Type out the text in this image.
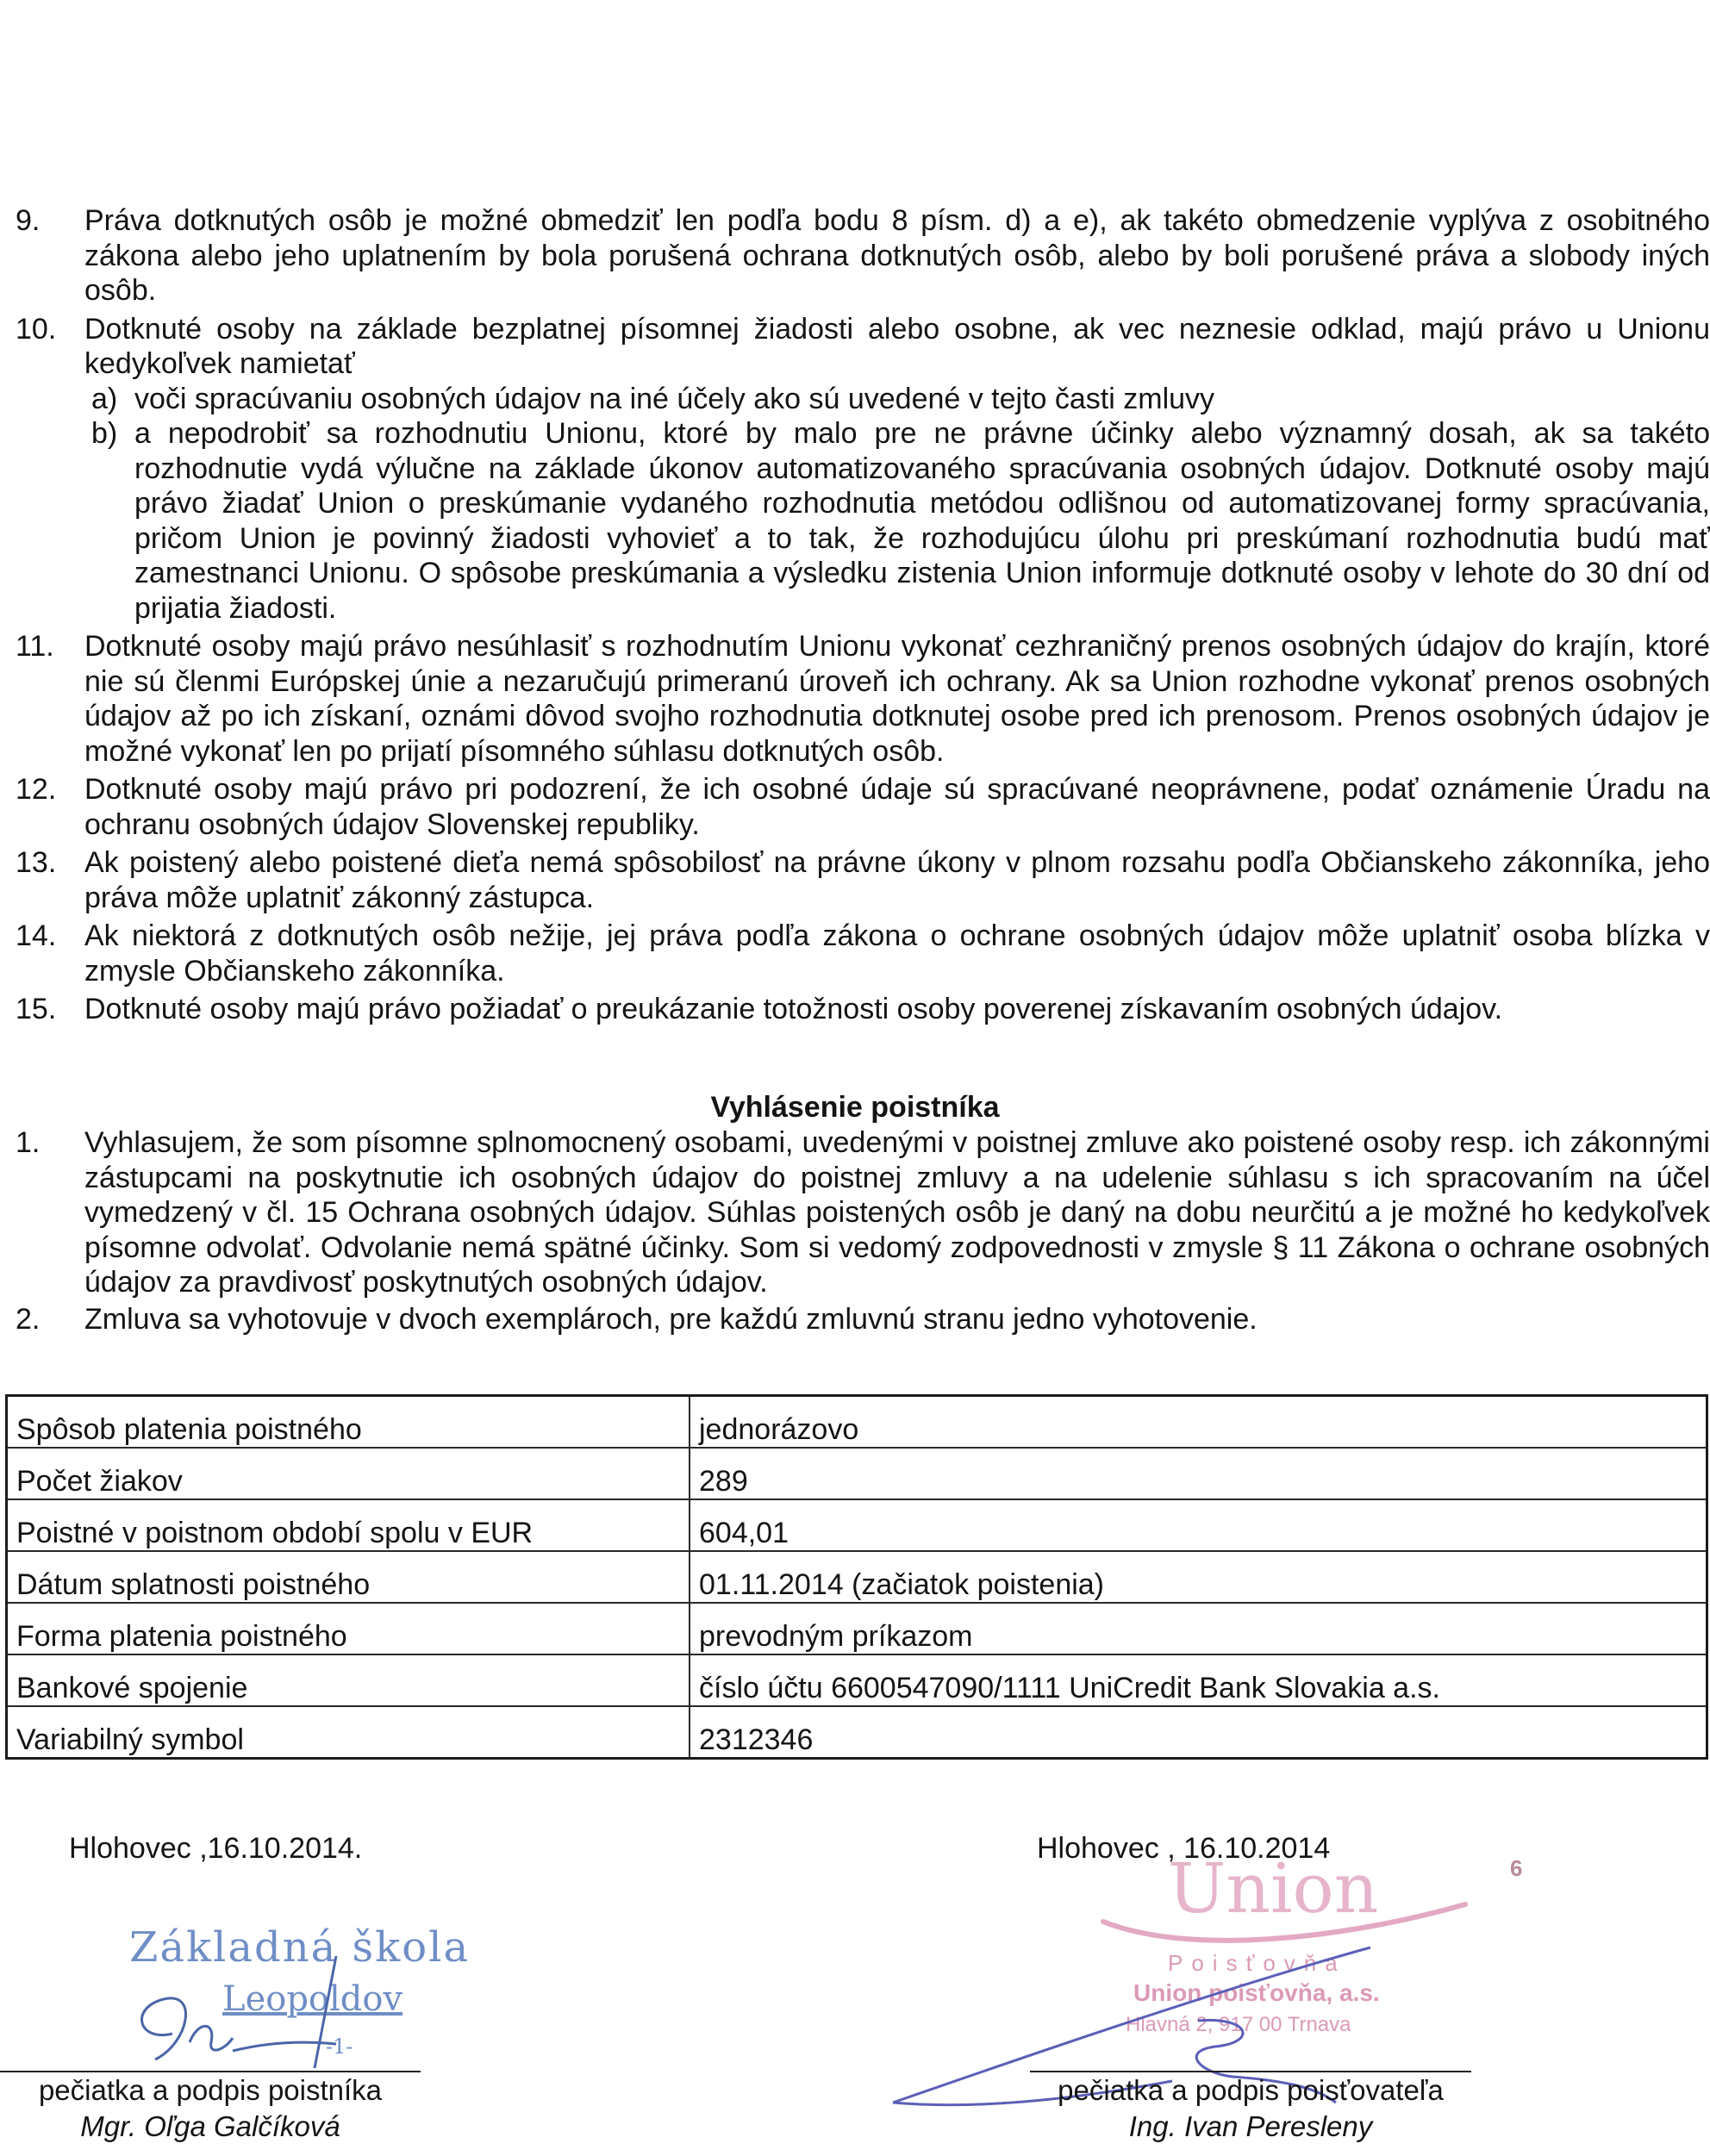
9.	Práva dotknutých osôb je možné obmedziť len podľa bodu 8 písm. d) a e), ak takéto obmedzenie vyplýva z osobitného zákona alebo jeho uplatnením by bola porušená ochrana dotknutých osôb, alebo by boli porušené práva a slobody iných osôb.
10. Dotknuté osoby na základe bezplatnej písomnej žiadosti alebo osobne, ak vec neznesie odklad, majú právo u Unionu kedykoľvek namietať
a) voči spracúvaniu osobných údajov na iné účely ako sú uvedené v tejto časti zmluvy
b) a nepodrobiť sa rozhodnutiu Unionu, ktoré by malo pre ne právne účinky alebo významný dosah, ak sa takéto rozhodnutie vydá výlučne na základe úkonov automatizovaného spracúvania osobných údajov. Dotknuté osoby majú právo žiadať Union o preskúmanie vydaného rozhodnutia metódou odlišnou od automatizovanej formy spracúvania, pričom Union je povinný žiadosti vyhovieť a to tak, že rozhodujúcu úlohu pri preskúmaní rozhodnutia budú mať zamestnanci Unionu. O spôsobe preskúmania a výsledku zistenia Union informuje dotknuté osoby v lehote do 30 dní od prijatia žiadosti.
11.	Dotknuté osoby majú právo nesúhlasiť s rozhodnutím Unionu vykonať cezhraničný prenos osobných údajov do krajín, ktoré nie sú členmi Európskej únie a nezaručujú primeranú úroveň ich ochrany. Ak sa Union rozhodne vykonať prenos osobných údajov až po ich získaní, oznámi dôvod svojho rozhodnutia dotknutej osobe pred ich prenosom. Prenos osobných údajov je možné vykonať len po prijatí písomného súhlasu dotknutých osôb.
12. Dotknuté osoby majú právo pri podozrení, že ich osobné údaje sú spracúvané neoprávnene, podať oznámenie Úradu na ochranu osobných údajov Slovenskej republiky.
13. Ak poistený alebo poistené dieťa nemá spôsobilosť na právne úkony v plnom rozsahu podľa Občianskeho zákonníka, jeho práva môže uplatniť zákonný zástupca.
14. Ak niektorá z dotknutých osôb nežije, jej práva podľa zákona o ochrane osobných údajov môže uplatniť osoba blízka v zmysle Občianskeho zákonníka.
15. Dotknuté osoby majú právo požiadať o preukázanie totožnosti osoby poverenej získavaním osobných údajov.
Vyhlásenie poistníka
1.	Vyhlasujem, že som písomne splnomocnený osobami, uvedenými v poistnej zmluve ako poistené osoby resp. ich zákonnými zástupcami na poskytnutie ich osobných údajov do poistnej zmluvy a na udelenie súhlasu s ich spracovaním na účel vymedzený v čl. 15 Ochrana osobných údajov. Súhlas poistených osôb je daný na dobu neurčitú a je možné ho kedykoľvek písomne odvolať. Odvolanie nemá spätné účinky. Som si vedomý zodpovednosti v zmysle § 11 Zákona o ochrane osobných údajov za pravdivosť poskytnutých osobných údajov.
2.	Zmluva sa vyhotovuje v dvoch exemplároch, pre každú zmluvnú stranu jedno vyhotovenie.
Spôsob platenia poistného	jednorázovo
Počet žiakov	289
Poistné v poistnom období spolu v EUR	604,01
Dátum splatnosti poistného	01.11.2014 (začiatok poistenia)
Forma platenia poistného	prevodným príkazom
Bankové spojenie	číslo účtu 6600547090/1111 UniCredit Bank Slovakia a.s.
Variabilný symbol	2312346
Hlohovec ,16.10.2014.	Hlohovec , 16.10.2014
6
Základná škola
Leopoldov
-1-
Union
Poisťovňa
Union poisťovňa, a.s.
Hlavná 2, 917 00 Trnava
pečiatka a podpis poistníka	pečiatka a podpis poisťovateľa
Mgr. Oľga Galčíková	Ing. Ivan Peresleny
